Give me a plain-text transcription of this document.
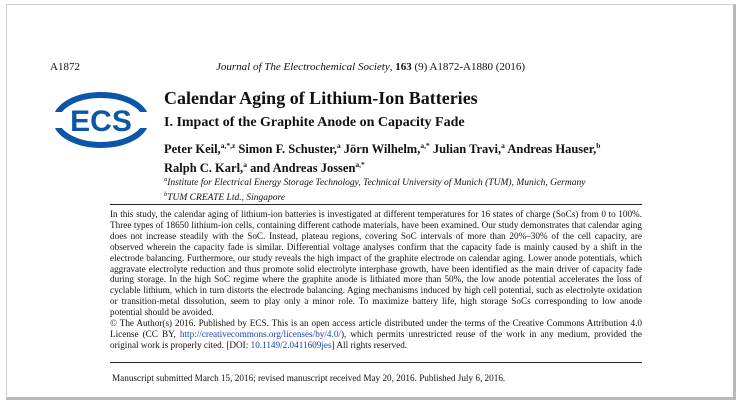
A1872	Journal of The Electrochemical Society, 163 (9) A1872-A1880 (2016)
ECS
Calendar Aging of Lithium-Ion Batteries
I. Impact of the Graphite Anode on Capacity Fade
Peter Keil,$^{a,*,z}$ Simon F. Schuster,$^a$ Jörn Wilhelm,$^{a,*}$ Julian Travi,$^a$ Andreas Hauser,$^b$
Ralph C. Karl,$^a$ and Andreas Jossen$^{a,*}$
$^a$Institute for Electrical Energy Storage Technology, Technical University of Munich (TUM), Munich, Germany
$^b$TUM CREATE Ltd., Singapore

In this study, the calendar aging of lithium-ion batteries is investigated at different temperatures for 16 states of charge (SoCs) from 0 to 100%. Three types of 18650 lithium-ion cells, containing different cathode materials, have been examined. Our study demonstrates that calendar aging does not increase steadily with the SoC. Instead, plateau regions, covering SoC intervals of more than 20%–30% of the cell capacity, are observed wherein the capacity fade is similar. Differential voltage analyses confirm that the capacity fade is mainly caused by a shift in the electrode balancing. Furthermore, our study reveals the high impact of the graphite electrode on calendar aging. Lower anode potentials, which aggravate electrolyte reduction and thus promote solid electrolyte interphase growth, have been identified as the main driver of capacity fade during storage. In the high SoC regime where the graphite anode is lithiated more than 50%, the low anode potential accelerates the loss of cyclable lithium, which in turn distorts the electrode balancing. Aging mechanisms induced by high cell potential, such as electrolyte oxidation or transition-metal dissolution, seem to play only a minor role. To maximize battery life, high storage SoCs corresponding to low anode potential should be avoided.

© The Author(s) 2016. Published by ECS. This is an open access article distributed under the terms of the Creative Commons Attribution 4.0 License (CC BY, http://creativecommons.org/licenses/by/4.0/), which permits unrestricted reuse of the work in any medium, provided the original work is properly cited. [DOI: 10.1149/2.0411609jes] All rights reserved.

Manuscript submitted March 15, 2016; revised manuscript received May 20, 2016. Published July 6, 2016.
